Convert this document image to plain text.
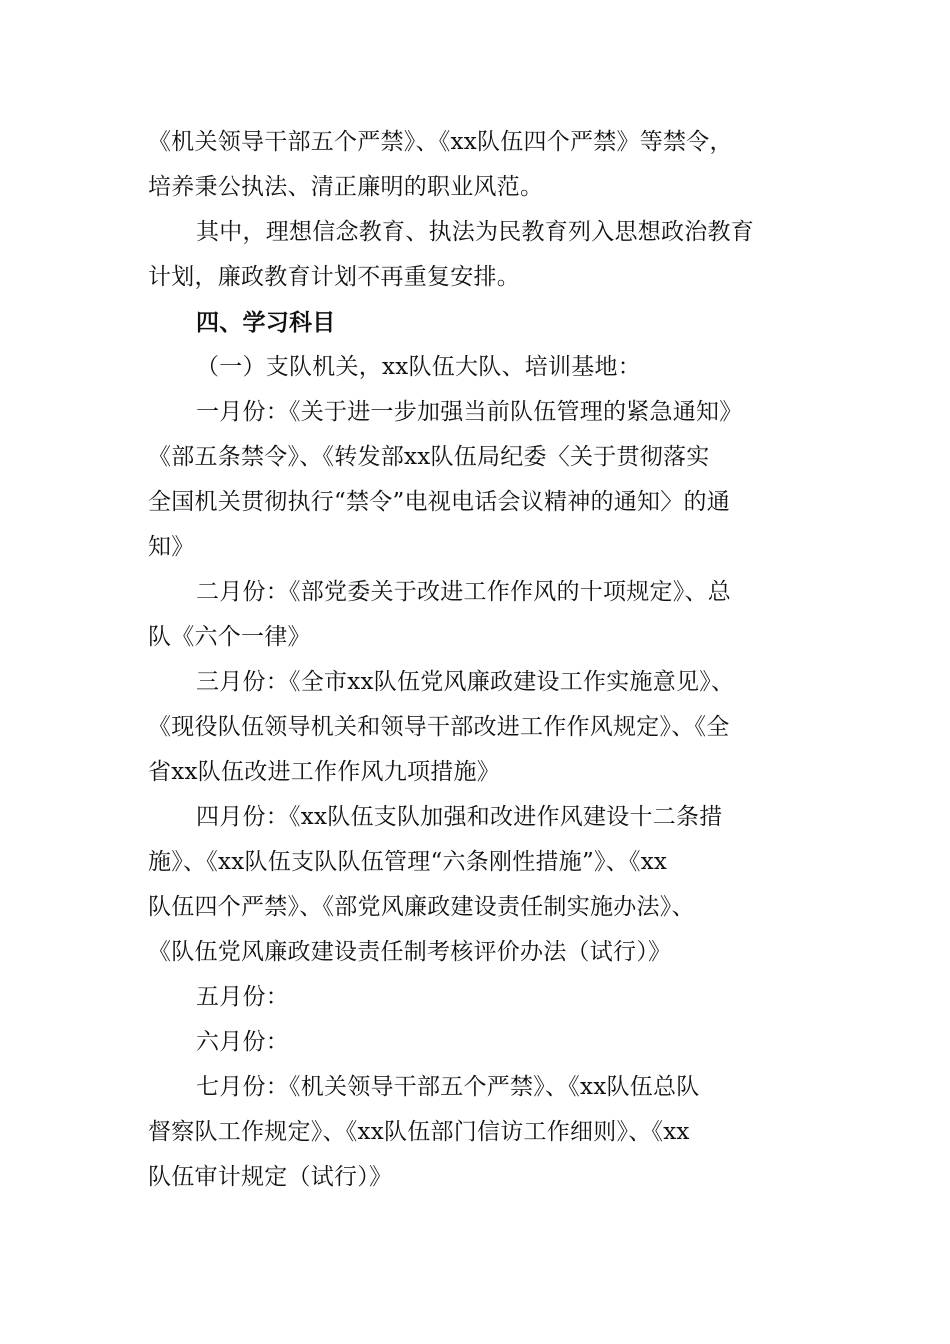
《机关领导干部五个严禁》、《xx队伍四个严禁》等禁令，
培养秉公执法、清正廉明的职业风范。
其中，理想信念教育、执法为民教育列入思想政治教育
计划，廉政教育计划不再重复安排。
四、学习科目
（一）支队机关，xx队伍大队、培训基地：
一月份：《关于进一步加强当前队伍管理的紧急通知》
《部五条禁令》、《转发部xx队伍局纪委〈关于贯彻落实
全国机关贯彻执行“禁令”电视电话会议精神的通知〉的通
知》
二月份：《部党委关于改进工作作风的十项规定》、总
队《六个一律》
三月份：《全市xx队伍党风廉政建设工作实施意见》、
《现役队伍领导机关和领导干部改进工作作风规定》、《全
省xx队伍改进工作作风九项措施》
四月份：《xx队伍支队加强和改进作风建设十二条措
施》、《xx队伍支队队伍管理“六条刚性措施”》、《xx
队伍四个严禁》、《部党风廉政建设责任制实施办法》、
《队伍党风廉政建设责任制考核评价办法（试行）》
五月份：
六月份：
七月份：《机关领导干部五个严禁》、《xx队伍总队
督察队工作规定》、《xx队伍部门信访工作细则》、《xx
队伍审计规定（试行）》
